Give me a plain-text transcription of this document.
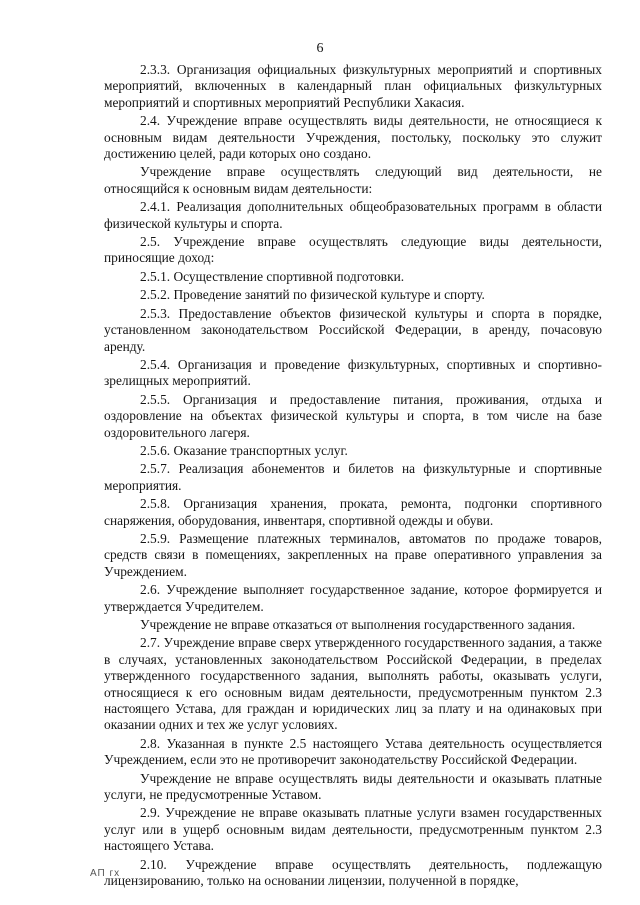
6

2.3.3. Организация официальных физкультурных мероприятий и спортивных мероприятий, включенных в календарный план официальных физкультурных мероприятий и спортивных мероприятий Республики Хакасия.

2.4. Учреждение вправе осуществлять виды деятельности, не относящиеся к основным видам деятельности Учреждения, постольку, поскольку это служит достижению целей, ради которых оно создано.

Учреждение вправе осуществлять следующий вид деятельности, не относящийся к основным видам деятельности:

2.4.1. Реализация дополнительных общеобразовательных программ в области физической культуры и спорта.

2.5. Учреждение вправе осуществлять следующие виды деятельности, приносящие доход:

2.5.1. Осуществление спортивной подготовки.

2.5.2. Проведение занятий по физической культуре и спорту.

2.5.3. Предоставление объектов физической культуры и спорта в порядке, установленном законодательством Российской Федерации, в аренду, почасовую аренду.

2.5.4. Организация и проведение физкультурных, спортивных и спортивно-зрелищных мероприятий.

2.5.5. Организация и предоставление питания, проживания, отдыха и оздоровление на объектах физической культуры и спорта, в том числе на базе оздоровительного лагеря.

2.5.6. Оказание транспортных услуг.

2.5.7. Реализация абонементов и билетов на физкультурные и спортивные мероприятия.

2.5.8. Организация хранения, проката, ремонта, подгонки спортивного снаряжения, оборудования, инвентаря, спортивной одежды и обуви.

2.5.9. Размещение платежных терминалов, автоматов по продаже товаров, средств связи в помещениях, закрепленных на праве оперативного управления за Учреждением.

2.6. Учреждение выполняет государственное задание, которое формируется и утверждается Учредителем.

Учреждение не вправе отказаться от выполнения государственного задания.

2.7. Учреждение вправе сверх утвержденного государственного задания, а также в случаях, установленных законодательством Российской Федерации, в пределах утвержденного государственного задания, выполнять работы, оказывать услуги, относящиеся к его основным видам деятельности, предусмотренным пунктом 2.3 настоящего Устава, для граждан и юридических лиц за плату и на одинаковых при оказании одних и тех же услуг условиях.

2.8. Указанная в пункте 2.5 настоящего Устава деятельность осуществляется Учреждением, если это не противоречит законодательству Российской Федерации.

Учреждение не вправе осуществлять виды деятельности и оказывать платные услуги, не предусмотренные Уставом.

2.9. Учреждение не вправе оказывать платные услуги взамен государственных услуг или в ущерб основным видам деятельности, предусмотренным пунктом 2.3 настоящего Устава.

2.10. Учреждение вправе осуществлять деятельность, подлежащую лицензированию, только на основании лицензии, полученной в порядке,

АП гх
